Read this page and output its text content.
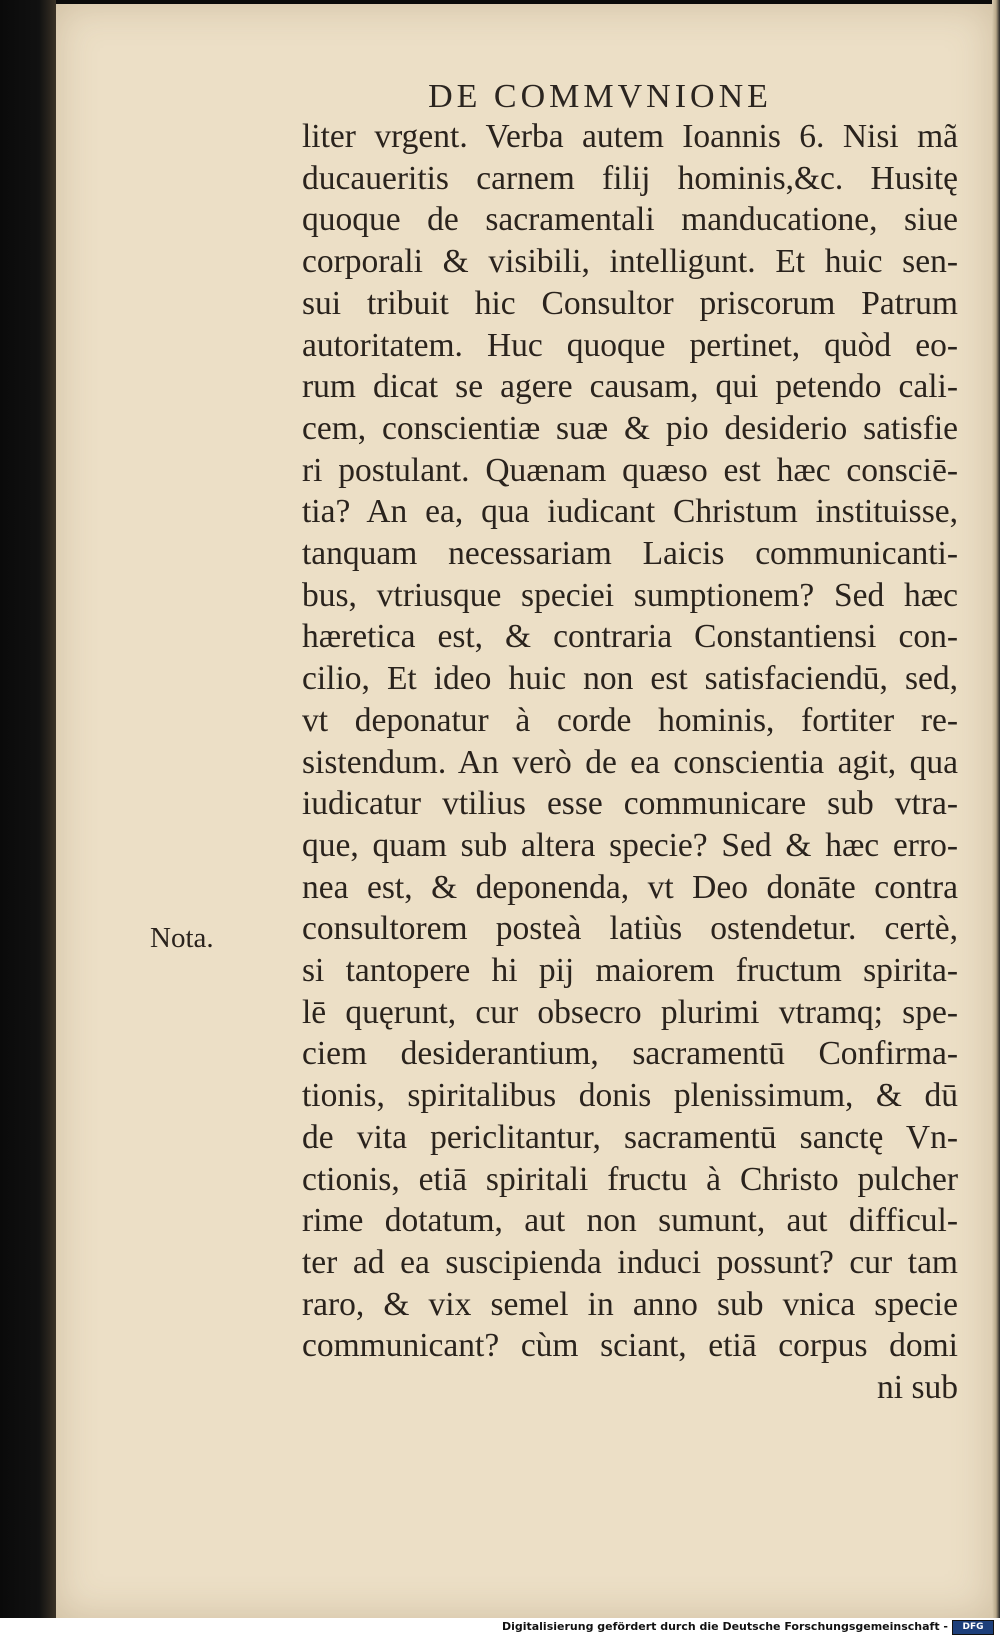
DE COMMVNIONE
Nota.
liter vrgent. Verba autem Ioannis 6. Nisi mã
ducaueritis carnem filij hominis,&c. Husitę
quoque de sacramentali manducatione, siue
corporali & visibili, intelligunt. Et huic sen-
sui tribuit hic Consultor priscorum Patrum
autoritatem. Huc quoque pertinet, quòd eo-
rum dicat se agere causam, qui petendo cali-
cem, conscientiæ suæ & pio desiderio satisfie
ri postulant. Quænam quæso est hæc consciē-
tia? An ea, qua iudicant Christum instituisse,
tanquam necessariam Laicis communicanti-
bus, vtriusque speciei sumptionem? Sed hæc
hæretica est, & contraria Constantiensi con-
cilio, Et ideo huic non est satisfaciendū, sed,
vt deponatur à corde hominis, fortiter re-
sistendum. An verò de ea conscientia agit, qua
iudicatur vtilius esse communicare sub vtra-
que, quam sub altera specie? Sed & hæc erro-
nea est, & deponenda, vt Deo donāte contra
consultorem posteà latiùs ostendetur. certè,
si tantopere hi pij maiorem fructum spirita-
lē quęrunt, cur obsecro plurimi vtramq; spe-
ciem desiderantium, sacramentū Confirma-
tionis, spiritalibus donis plenissimum, & dū
de vita periclitantur, sacramentū sanctę Vn-
ctionis, etiā spiritali fructu à Christo pulcher
rime dotatum, aut non sumunt, aut difficul-
ter ad ea suscipienda induci possunt? cur tam
raro, & vix semel in anno sub vnica specie
communicant? cùm sciant, etiā corpus domi
ni sub
Digitalisierung gefördert durch die Deutsche Forschungsgemeinschaft -	DFG
